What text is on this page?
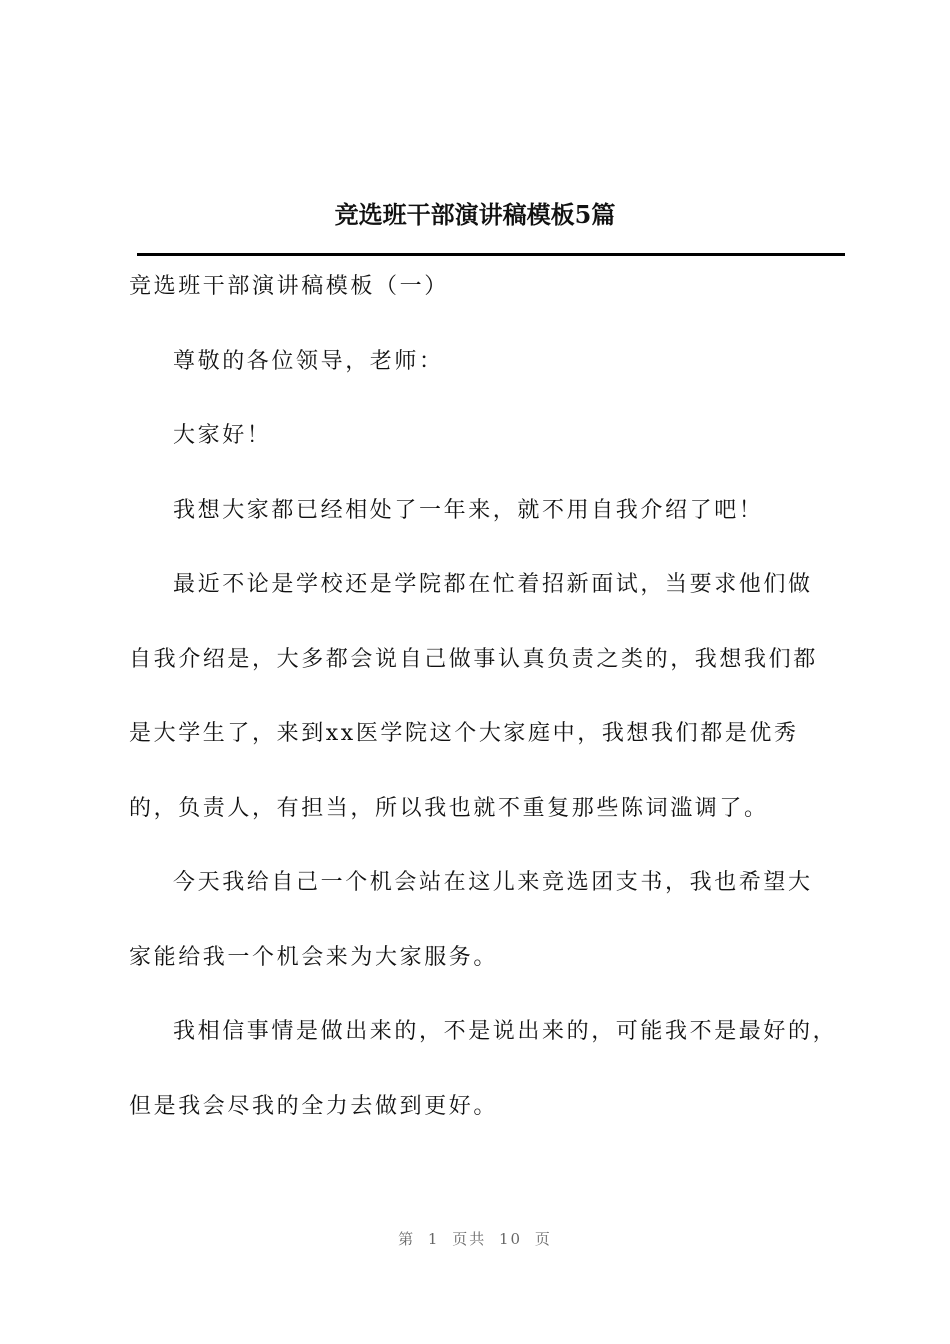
竞选班干部演讲稿模板5篇

竞选班干部演讲稿模板（一）

尊敬的各位领导，老师：

大家好！

我想大家都已经相处了一年来，就不用自我介绍了吧！

最近不论是学校还是学院都在忙着招新面试，当要求他们做
自我介绍是，大多都会说自己做事认真负责之类的，我想我们都
是大学生了，来到xx医学院这个大家庭中，我想我们都是优秀
的，负责人，有担当，所以我也就不重复那些陈词滥调了。

今天我给自己一个机会站在这儿来竞选团支书，我也希望大
家能给我一个机会来为大家服务。

我相信事情是做出来的，不是说出来的，可能我不是最好的，
但是我会尽我的全力去做到更好。

第 1 页共 10 页
